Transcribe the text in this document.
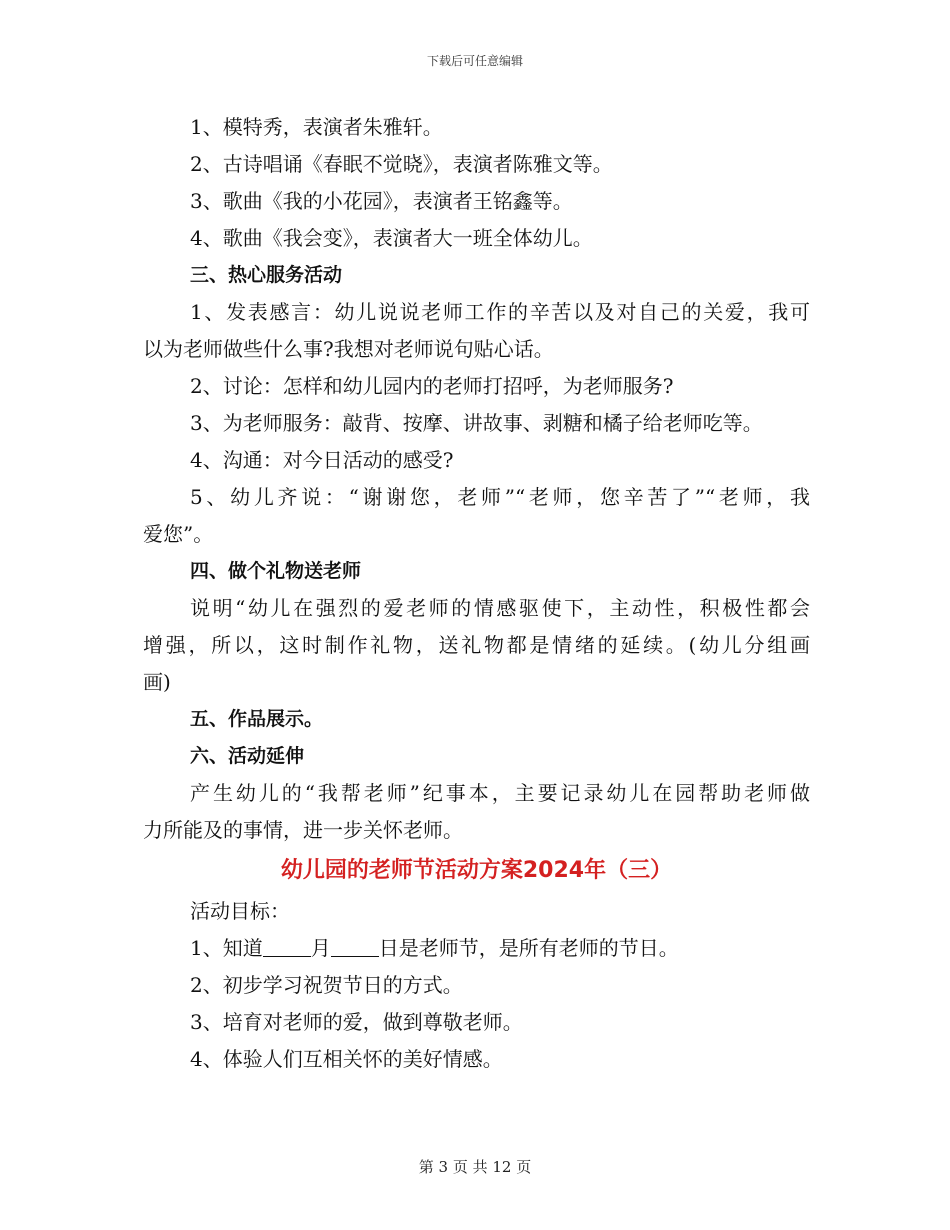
下载后可任意编辑
1、模特秀，表演者朱雅轩。
2、古诗唱诵《春眠不觉晓》，表演者陈雅文等。
3、歌曲《我的小花园》，表演者王铭鑫等。
4、歌曲《我会变》，表演者大一班全体幼儿。
三、热心服务活动
1、发表感言：幼儿说说老师工作的辛苦以及对自己的关爱，我可
以为老师做些什么事?我想对老师说句贴心话。
2、讨论：怎样和幼儿园内的老师打招呼，为老师服务?
3、为老师服务：敲背、按摩、讲故事、剥糖和橘子给老师吃等。
4、沟通：对今日活动的感受?
5、幼儿齐说：“谢谢您，老师”“老师，您辛苦了”“老师，我
爱您”。
四、做个礼物送老师
说明“幼儿在强烈的爱老师的情感驱使下，主动性，积极性都会
增强，所以，这时制作礼物，送礼物都是情绪的延续。(幼儿分组画
画)
五、作品展示。
六、活动延伸
产生幼儿的“我帮老师”纪事本，主要记录幼儿在园帮助老师做
力所能及的事情，进一步关怀老师。
幼儿园的老师节活动方案2024年（三）
活动目标：
1、知道 月 日是老师节，是所有老师的节日。
2、初步学习祝贺节日的方式。
3、培育对老师的爱，做到尊敬老师。
4、体验人们互相关怀的美好情感。
第 3 页 共 12 页
